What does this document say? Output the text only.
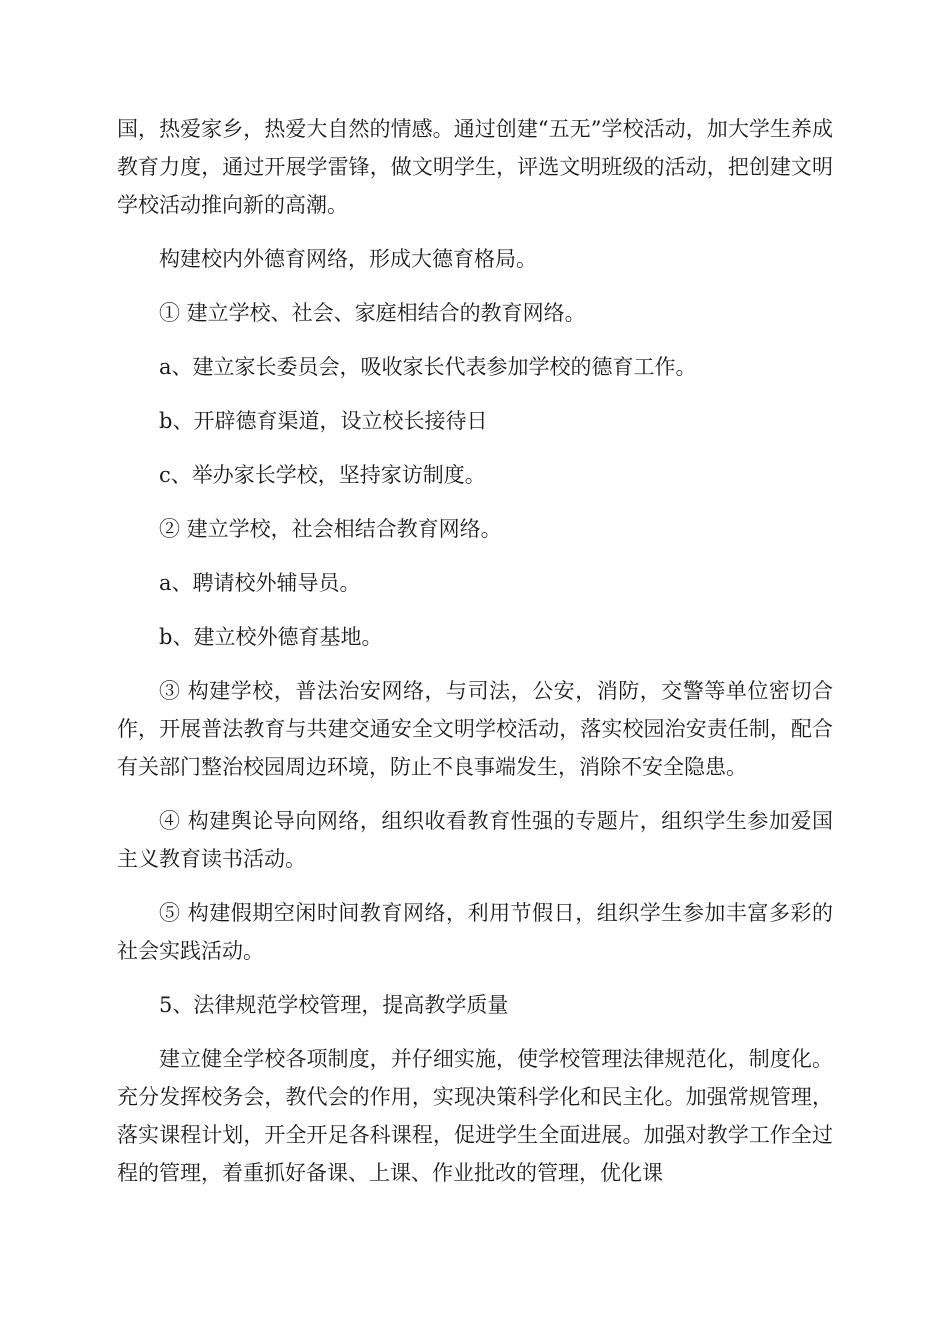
国，热爱家乡，热爱大自然的情感。通过创建“五无”学校活动，加大学生养成教育力度，通过开展学雷锋，做文明学生，评选文明班级的活动，把创建文明学校活动推向新的高潮。

构建校内外德育网络，形成大德育格局。

① 建立学校、社会、家庭相结合的教育网络。

a、建立家长委员会，吸收家长代表参加学校的德育工作。

b、开辟德育渠道，设立校长接待日

c、举办家长学校，坚持家访制度。

② 建立学校，社会相结合教育网络。

a、聘请校外辅导员。

b、建立校外德育基地。

③ 构建学校，普法治安网络，与司法，公安，消防，交警等单位密切合作，开展普法教育与共建交通安全文明学校活动，落实校园治安责任制，配合有关部门整治校园周边环境，防止不良事端发生，消除不安全隐患。

④ 构建舆论导向网络，组织收看教育性强的专题片，组织学生参加爱国主义教育读书活动。

⑤ 构建假期空闲时间教育网络，利用节假日，组织学生参加丰富多彩的社会实践活动。

5、法律规范学校管理，提高教学质量

建立健全学校各项制度，并仔细实施，使学校管理法律规范化，制度化。充分发挥校务会，教代会的作用，实现决策科学化和民主化。加强常规管理，落实课程计划，开全开足各科课程，促进学生全面进展。加强对教学工作全过程的管理，着重抓好备课、上课、作业批改的管理，优化课
